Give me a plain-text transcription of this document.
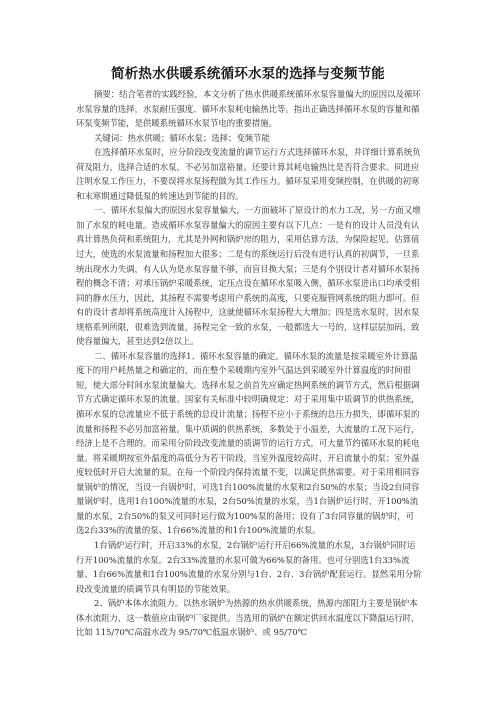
简析热水供暖系统循环水泵的选择与变频节能

摘要：结合笔者的实践经验，本文分析了热水供暖系统循环水泵容量偏大的原因以及循环水泵容量的选择，水泵耐压强度、循环水泵耗电输热比等。指出正确选择循环水泵的容量和循环泵变频节能，是供暖系统循环水泵节电的重要措施。

关键词：热水供暖；循环水泵；选择；变频节能

在选择循环水泵时，应分阶段改变流量的调节运行方式选择循环水泵，并详细计算系统负荷及阻力，选择合适的水泵，不必另加富裕量。还要计算其耗电输热比是否符合要求。同进应注明水泵工作压力，不要误将水泵扬程做为其工作压力。循环泵采用变频控制，在供暖的初寒和末寒期通过降低泵的转速达到节能的目的。

一、循环水泵偏大的原因水泵容量偏大，一方面破坏了原设计的水力工况，另一方面又增加了水泵的耗电量。造成循环水泵容量偏大的原因主要有以下几点：一是有的设计人员没有认真计算热负荷和系统阻力，尤其是外网和锅炉房的阻力，采用估算方法，为保险起见，估算值过大，使选的水泵流量和扬程加大很多；二是有的系统运行后没有进行认真的初调节，一旦系统出现水力失调，有人认为是水泵容量不够，而盲目换大泵；三是有个别设计者对循环水泵扬程的概念不清；对承压锅炉采暖系统，定压点设在循环水泵吸入侧，循环水泵进出口均承受相同的静水压力，因此，其扬程不需要考虑用户系统的高度，只要克服管网系统的阻力即可。但有的设计者却将系统高度计入扬程中，这就使循环水泵扬程大大增加；四是选水泵时，因水泵规格系列所限，很难选到流量，扬程完全一致的水泵，一般都选大一号的，这样层层加码，致使容量偏大，甚至达到2倍以上。

二、循环水泵容量的选择1、循环水泵容量的确定。循环水泵的流量是按采暖室外计算温度下的用户耗热量之和确定的，而在整个采暖期内室外气温达到采暖室外计算温度的时间很短，使大部分时间水泵流量偏大。选择水泵之前首先应确定热网系统的调节方式，然后根据调节方式确定循环水泵的流量。国家有关标准中较明确规定：对于采用集中质调节的供热系统，循环水泵的总流量应不低于系统的总设计流量；扬程不应小于系统的总压力损失，即循环泵的流量和扬程不必另加富裕量。集中质调的供热系统，多数处于小温差，大流量的工况下运行，经济上是不合理的。而采用分阶段改变流量的质调节的运行方式，可大量节约循环水泵的耗电量。将采暖期按室外温度的高低分为若干阶段，当室外温度较高时，开启流量小的泵；室外温度较低时开启大流量的泵。在每一个阶段内保持流量不变，以满足供热需要。对于采用相同容量锅炉的情况，当设一台锅炉时，可选1台100%流量的水泵和2台50%的水泵；当设2台同容量锅炉时，选用1台100%流量的水泵，2台50%流量的水泵，当1台锅炉运行时，开100%流量的水泵，2台50%的泵又可同时运行做为100%泵的备用；设有了3台同容量的锅炉时，可选2台33%的流量的泵、1台66%流量的和1台100%流量的水泵。

1台锅炉运行时，开启33%的水泵，2台锅炉运行开启66%流量的水泵，3台锅炉同时运行开100%流量的水泵。2台33%流量的水泵可做为66%泵的备用。也可分别选1台33%流量、1台66%流量和1台100%流量的水泵分别与1台、2台、3台锅炉配套运行。显然采用分阶段改变流量的质调节具有明显的节能效果。

2、锅炉本体水流阻力。以热水锅炉为热源的热水供暖系统，热源内部阻力主要是锅炉本体水流阻力，这一数值应由锅炉厂家提供。当选用的锅炉在额定供回水温度以下降温运行时，比如 115/70℃高温水改为 95/70℃低温水锅炉、或 95/70℃
